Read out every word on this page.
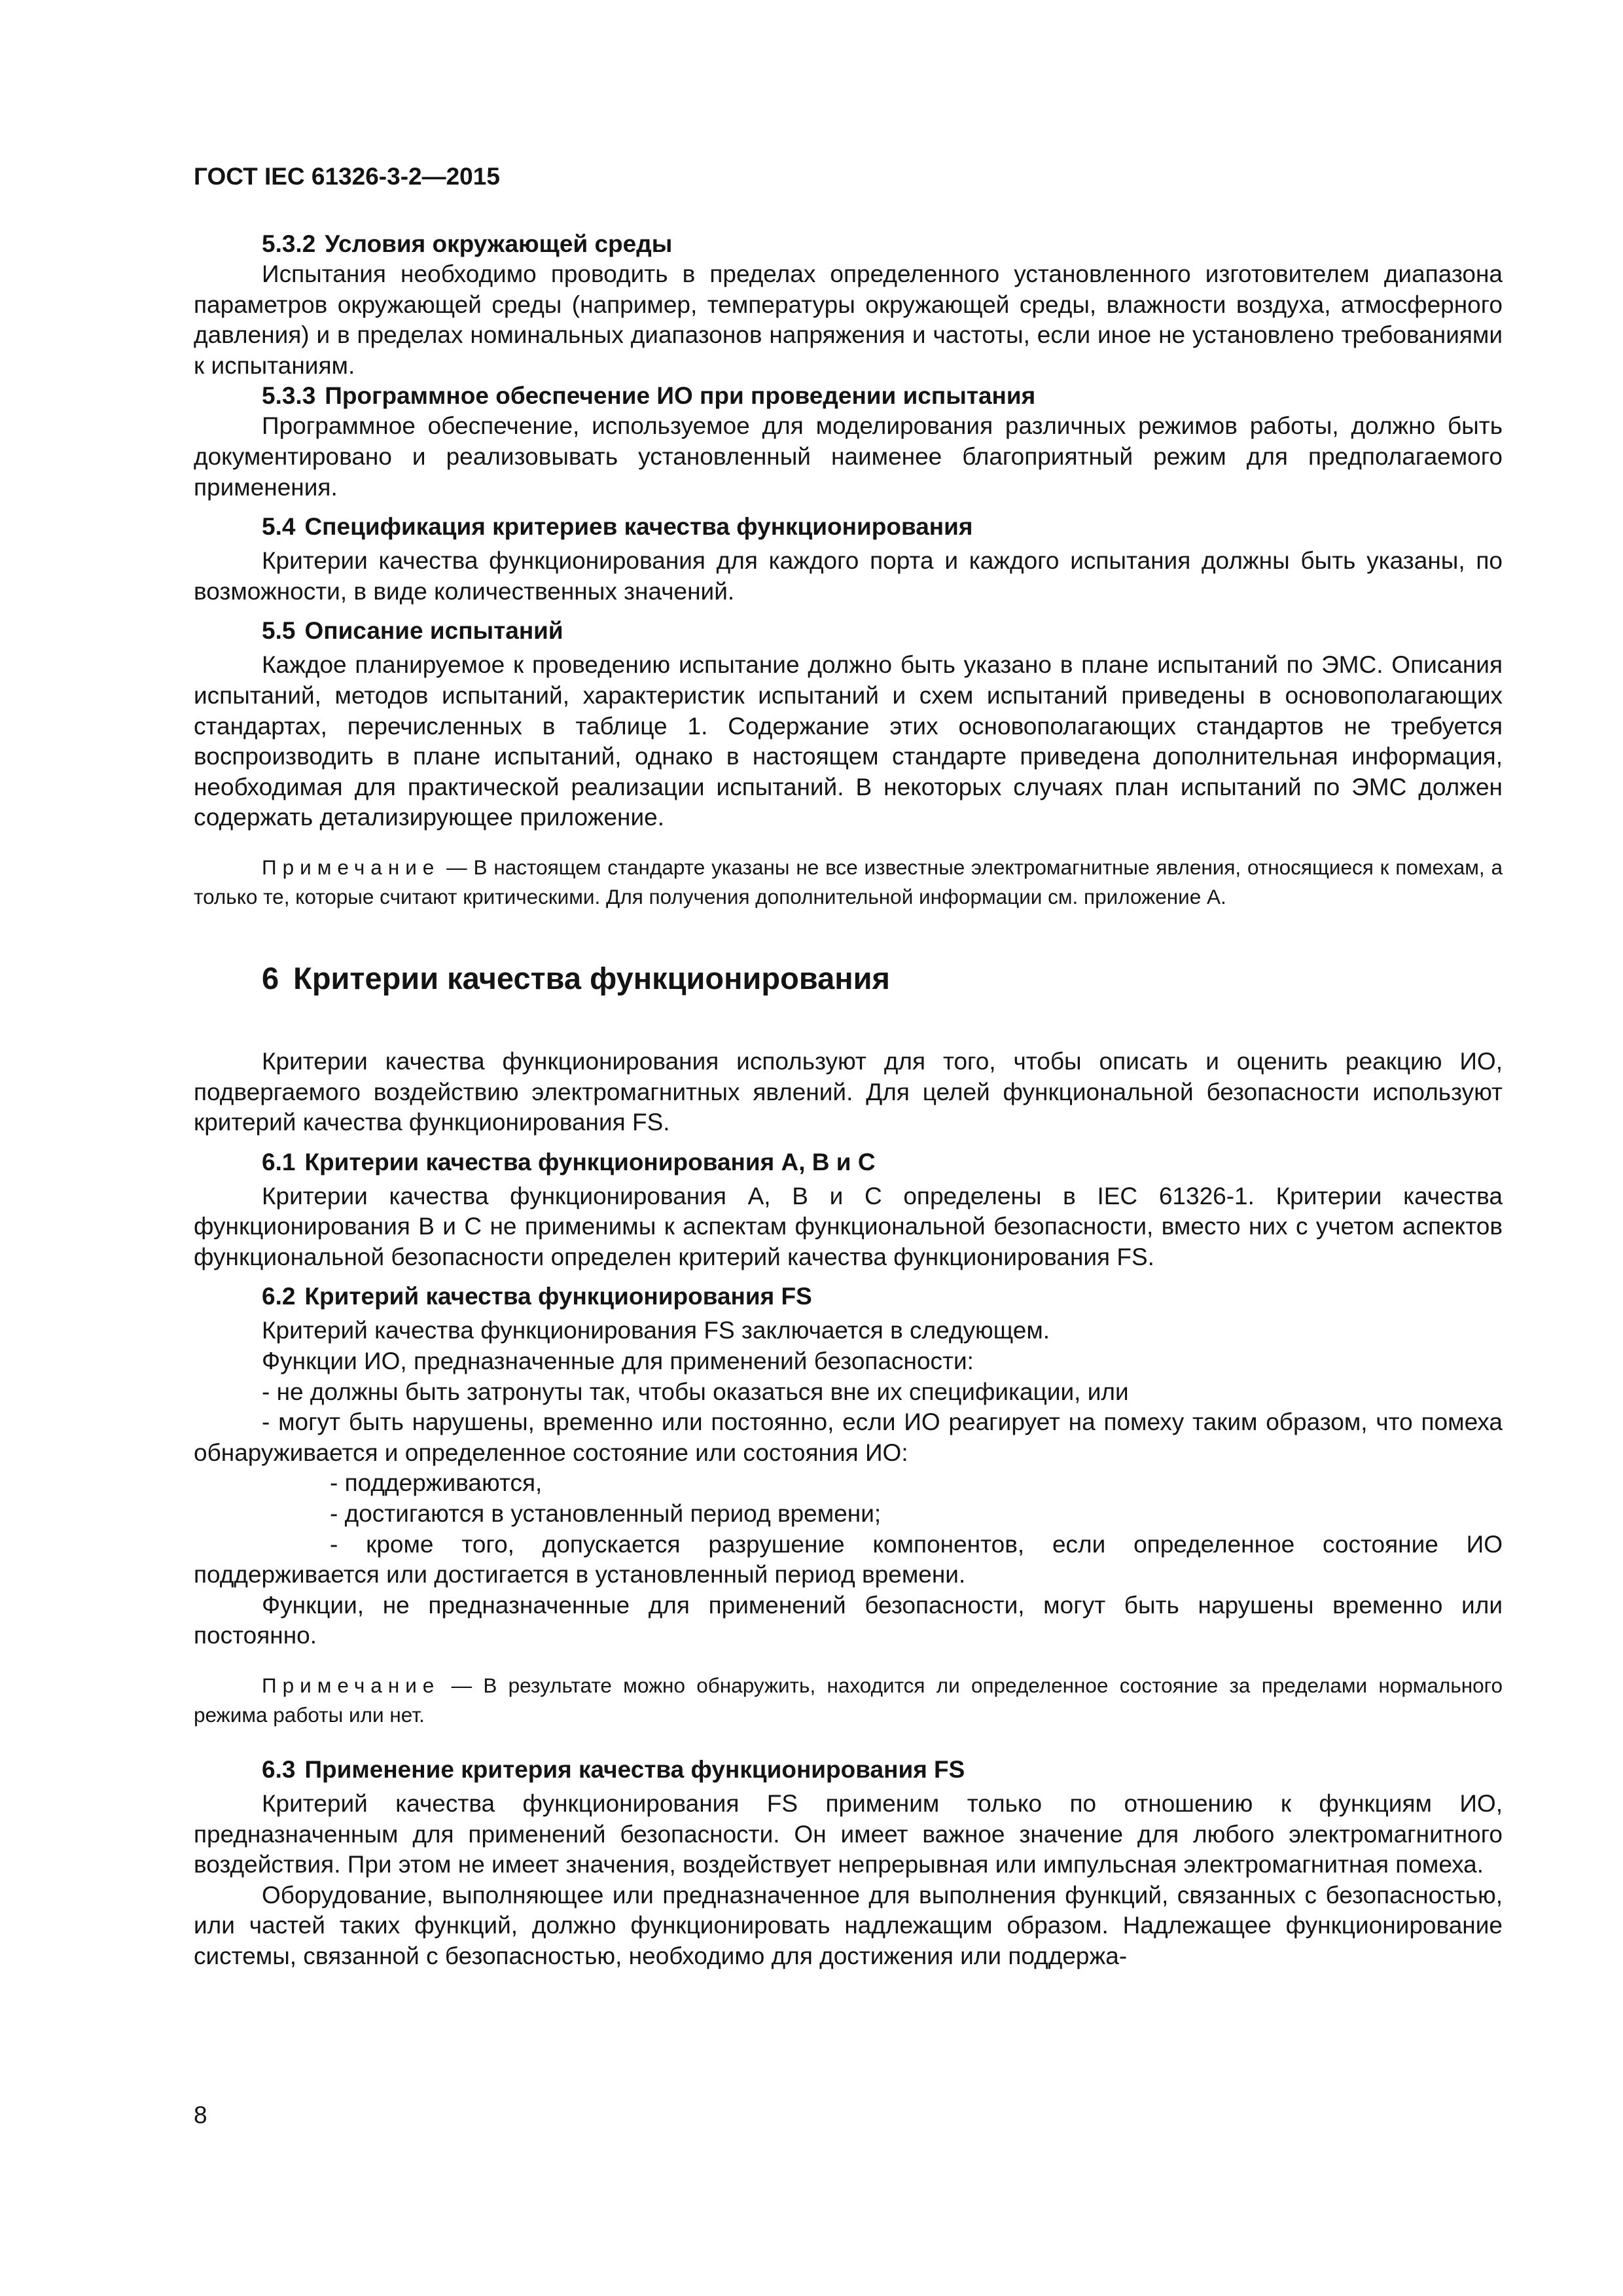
ГОСТ IEC 61326-3-2—2015
5.3.2 Условия окружающей среды

Испытания необходимо проводить в пределах определенного установленного изготовителем диапазона параметров окружающей среды (например, температуры окружающей среды, влажности воздуха, атмосферного давления) и в пределах номинальных диапазонов напряжения и частоты, если иное не установлено требованиями к испытаниям.

5.3.3 Программное обеспечение ИО при проведении испытания

Программное обеспечение, используемое для моделирования различных режимов работы, должно быть документировано и реализовывать установленный наименее благоприятный режим для предполагаемого применения.

5.4 Спецификация критериев качества функционирования

Критерии качества функционирования для каждого порта и каждого испытания должны быть указаны, по возможности, в виде количественных значений.

5.5 Описание испытаний

Каждое планируемое к проведению испытание должно быть указано в плане испытаний по ЭМС. Описания испытаний, методов испытаний, характеристик испытаний и схем испытаний приведены в основополагающих стандартах, перечисленных в таблице 1. Содержание этих основополагающих стандартов не требуется воспроизводить в плане испытаний, однако в настоящем стандарте приведена дополнительная информация, необходимая для практической реализации испытаний. В некоторых случаях план испытаний по ЭМС должен содержать детализирующее приложение.

Примечание — В настоящем стандарте указаны не все известные электромагнитные явления, относящиеся к помехам, а только те, которые считают критическими. Для получения дополнительной информации см. приложение А.

6 Критерии качества функционирования

Критерии качества функционирования используют для того, чтобы описать и оценить реакцию ИО, подвергаемого воздействию электромагнитных явлений. Для целей функциональной безопасности используют критерий качества функционирования FS.

6.1 Критерии качества функционирования А, В и С

Критерии качества функционирования А, В и С определены в IEC 61326-1. Критерии качества функционирования В и С не применимы к аспектам функциональной безопасности, вместо них с учетом аспектов функциональной безопасности определен критерий качества функционирования FS.

6.2 Критерий качества функционирования FS

Критерий качества функционирования FS заключается в следующем.

Функции ИО, предназначенные для применений безопасности:

- не должны быть затронуты так, чтобы оказаться вне их спецификации, или

- могут быть нарушены, временно или постоянно, если ИО реагирует на помеху таким образом, что помеха обнаруживается и определенное состояние или состояния ИО:

- поддерживаются,

- достигаются в установленный период времени;

- кроме того, допускается разрушение компонентов, если определенное состояние ИО поддерживается или достигается в установленный период времени.

Функции, не предназначенные для применений безопасности, могут быть нарушены временно или постоянно.

Примечание — В результате можно обнаружить, находится ли определенное состояние за пределами нормального режима работы или нет.

6.3 Применение критерия качества функционирования FS

Критерий качества функционирования FS применим только по отношению к функциям ИО, предназначенным для применений безопасности. Он имеет важное значение для любого электромагнитного воздействия. При этом не имеет значения, воздействует непрерывная или импульсная электромагнитная помеха.

Оборудование, выполняющее или предназначенное для выполнения функций, связанных с безопасностью, или частей таких функций, должно функционировать надлежащим образом. Надлежащее функционирование системы, связанной с безопасностью, необходимо для достижения или поддержа-

8
